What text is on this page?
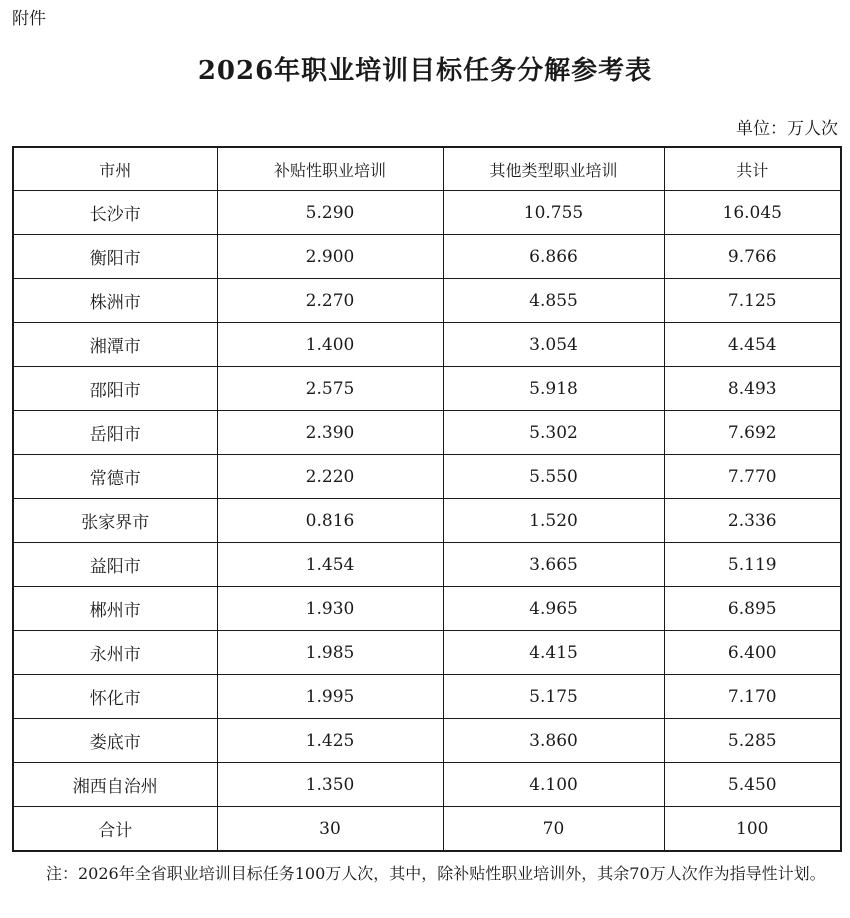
附件
2026年职业培训目标任务分解参考表
单位：万人次
市州	补贴性职业培训	其他类型职业培训	共计
长沙市	5.290	10.755	16.045
衡阳市	2.900	6.866	9.766
株洲市	2.270	4.855	7.125
湘潭市	1.400	3.054	4.454
邵阳市	2.575	5.918	8.493
岳阳市	2.390	5.302	7.692
常德市	2.220	5.550	7.770
张家界市	0.816	1.520	2.336
益阳市	1.454	3.665	5.119
郴州市	1.930	4.965	6.895
永州市	1.985	4.415	6.400
怀化市	1.995	5.175	7.170
娄底市	1.425	3.860	5.285
湘西自治州	1.350	4.100	5.450
合计	30	70	100
注：2026年全省职业培训目标任务100万人次，其中，除补贴性职业培训外，其余70万人次作为指导性计划。
